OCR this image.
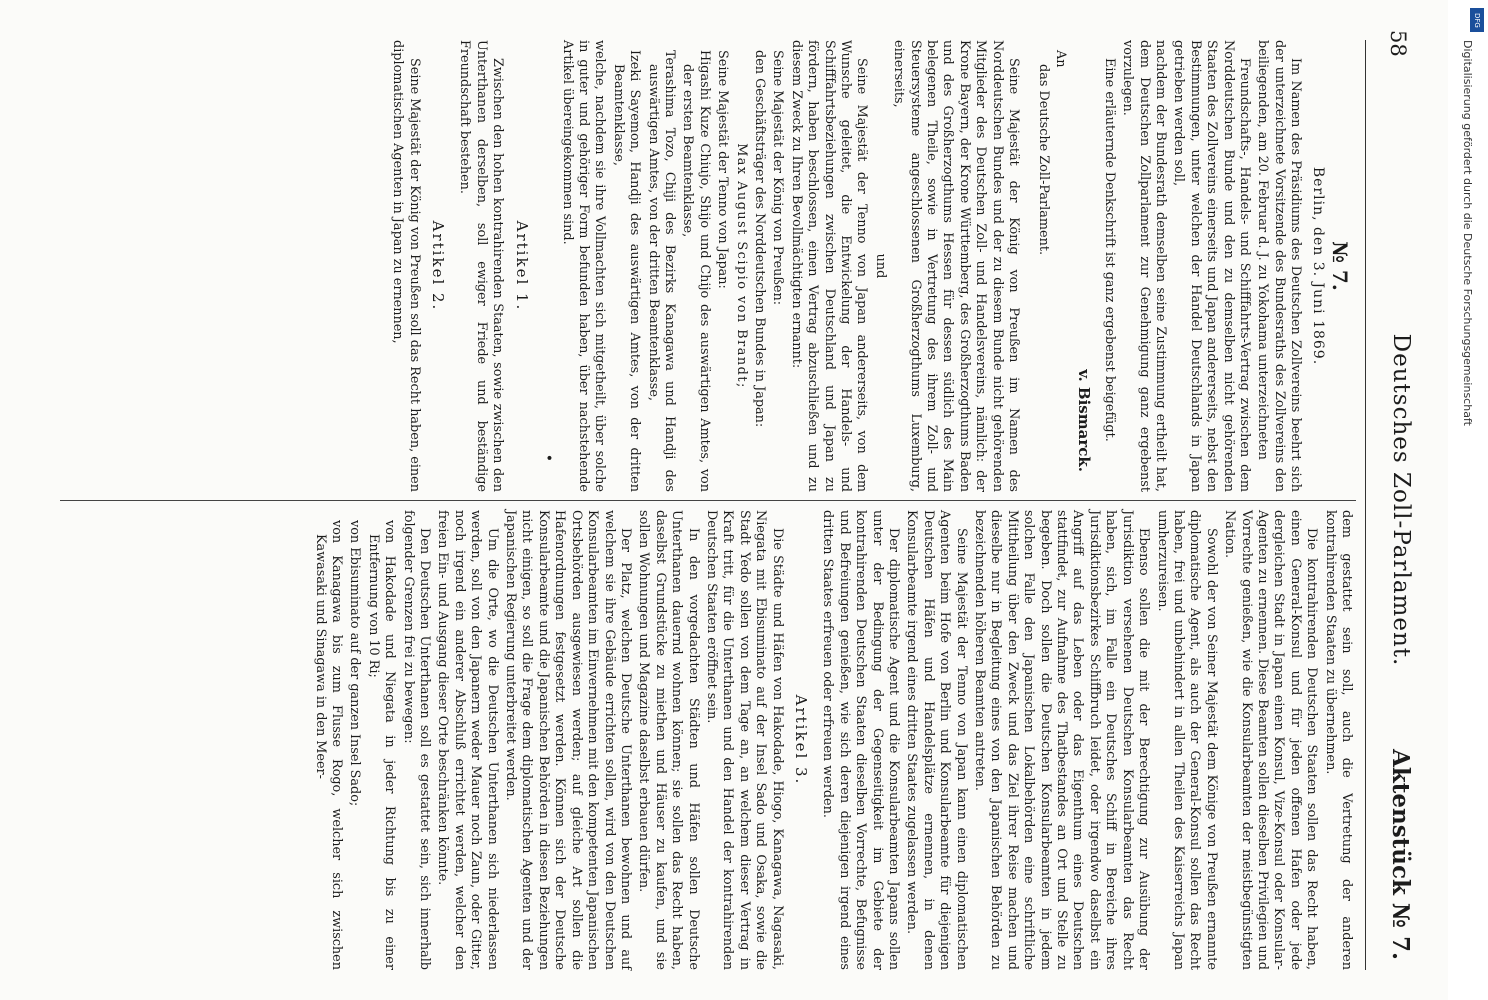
58
Deutsches Zoll-Parlament.
Aktenstück № 7.
№ 7.
Berlin, den 3. Juni 1869.

Im Namen des Präsidiums des Deutschen Zollvereins beehrt sich der unterzeichnete Vorsitzende des Bundesraths des Zollvereins den beiliegenden, am 20. Februar d. J. zu Yokohama unterzeichneten

Freundschafts-, Handels- und Schifffahrts-Vertrag zwischen dem Norddeutschen Bunde und den zu demselben nicht gehörenden Staaten des Zollvereins einerseits und Japan andererseits, nebst den Bestimmungen, unter welchen der Handel Deutschlands in Japan getrieben werden soll,

nachdem der Bundesrath demselben seine Zustimmung ertheilt hat, dem Deutschen Zollparlament zur Genehmigung ganz ergebenst vorzulegen.

Eine erläuternde Denkschrift ist ganz ergebenst beigefügt.

v. Bismarck.
An
das Deutsche Zoll-Parlament.

Seine Majestät der König von Preußen im Namen des Norddeutschen Bundes und der zu diesem Bunde nicht gehörenden Mitglieder des Deutschen Zoll- und Handelsvereins, nämlich: der Krone Bayern, der Krone Württemberg, des Großherzogthums Baden und des Großherzogthums Hessen für dessen südlich des Main belegenen Theile, sowie in Vertretung des ihrem Zoll- und Steuersysteme angeschlossenen Großherzogthums Luxemburg, einerseits,

und

Seine Majestät der Tenno von Japan andererseits, von dem Wunsche geleitet, die Entwickelung der Handels- und Schifffahrtsbeziehungen zwischen Deutschland und Japan zu fördern, haben beschlossen, einen Vertrag abzuschließen und zu diesem Zweck zu Ihren Bevollmächtigten ernannt:

Seine Majestät der König von Preußen:

den Geschäftsträger des Norddeutschen Bundes in Japan:

Max August Scipio von Brandt;

Seine Majestät der Tenno von Japan:

Higashi Kuze Chiujo, Shijo und Chijo des auswärtigen Amtes, von der ersten Beamtenklasse,

Terashima Tozo, Chiji des Bezirks Kanagawa und Handji des auswärtigen Amtes, von der dritten Beamtenklasse,

Izeki Sayemon, Handji des auswärtigen Amtes, von der dritten Beamtenklasse,

welche, nachdem sie ihre Vollmachten sich mitgetheilt, über solche in guter und gehöriger Form befunden haben, über nachstehende Artikel übereingekommen sind.

•
Artikel 1.

Zwischen den hohen kontrahirenden Staaten, sowie zwischen den Unterthanen derselben, soll ewiger Friede und beständige Freundschaft bestehen.

Artikel 2.

Seine Majestät der König von Preußen soll das Recht haben, einen diplomatischen Agenten in Japan zu ernennen,

dem gestattet sein soll, auch die Vertretung der anderen kontrahirenden Staaten zu übernehmen.

Die kontrahirenden Deutschen Staaten sollen das Recht haben, einen General-Konsul und für jeden offenen Hafen oder jede dergleichen Stadt in Japan einen Konsul, Vize-Konsul oder Konsular-Agenten zu ernennen. Diese Beamten sollen dieselben Privilegien und Vorrechte genießen, wie die Konsularbeamten der meistbegünstigten Nation.

Sowohl der von Seiner Majestät dem Könige von Preußen ernannte diplomatische Agent, als auch der General-Konsul sollen das Recht haben, frei und unbehindert in allen Theilen des Kaiserreichs Japan umherzureisen.

Ebenso sollen die mit der Berechtigung zur Ausübung der Jurisdiktion versehenen Deutschen Konsularbeamten das Recht haben, sich, im Falle ein Deutsches Schiff in Bereiche ihres Jurisdiktionsbezirkes Schiffbruch leidet, oder irgendwo daselbst ein Angriff auf das Leben oder das Eigenthum eines Deutschen stattfindet, zur Aufnahme des Thatbestandes an Ort und Stelle zu begeben. Doch sollen die Deutschen Konsularbeamten in jedem solchen Falle den Japanischen Lokalbehörden eine schriftliche Mittheilung über den Zweck und das Ziel ihrer Reise machen und dieselbe nur in Begleitung eines von den Japanischen Behörden zu bezeichnenden höheren Beamten antreten.

Seine Majestät der Tenno von Japan kann einen diplomatischen Agenten beim Hofe von Berlin und Konsularbeamte für diejenigen Deutschen Häfen und Handelsplätze ernennen, in denen Konsularbeamte irgend eines dritten Staates zugelassen werden.

Der diplomatische Agent und die Konsularbeamten Japans sollen unter der Bedingung der Gegenseitigkeit im Gebiete der kontrahirenden Deutschen Staaten dieselben Vorrechte, Befugnisse und Befreiungen genießen, wie sich deren diejenigen irgend eines dritten Staates erfreuen oder erfreuen werden.

Artikel 3.

Die Städte und Häfen von Hakodade, Hiogo, Kanagawa, Nagasaki, Niegata mit Ebisuminato auf der Insel Sado und Osaka, sowie die Stadt Yedo sollen von dem Tage an, an welchem dieser Vertrag in Kraft tritt, für die Unterthanen und den Handel der kontrahirenden Deutschen Staaten eröffnet sein.

In den vorgedachten Städten und Häfen sollen Deutsche Unterthanen dauernd wohnen können; sie sollen das Recht haben, daselbst Grundstücke zu miethen und Häuser zu kaufen, und sie sollen Wohnungen und Magazine daselbst erbauen dürfen.

Der Platz, welchen Deutsche Unterthanen bewohnen und auf welchem sie ihre Gebäude errichten sollen, wird von den Deutschen Konsularbeamten im Einvernehmen mit den kompetenten Japanischen Ortsbehörden ausgewiesen werden; auf gleiche Art sollen die Hafenordnungen festgesetzt werden. Können sich der Deutsche Konsularbeamte und die Japanischen Behörden in diesen Beziehungen nicht einigen, so soll die Frage dem diplomatischen Agenten und der Japanischen Regierung unterbreitet werden.

Um die Orte, wo die Deutschen Unterthanen sich niederlassen werden, soll von den Japanern weder Mauer noch Zaun, oder Gitter, noch irgend ein anderer Abschluß errichtet werden, welcher den freien Ein- und Ausgang dieser Orte beschränken könnte.

Den Deutschen Unterthanen soll es gestattet sein, sich innerhalb folgender Grenzen frei zu bewegen:

von Hakodade und Niegata in jeder Richtung bis zu einer Entfernung von 10 Ri;

von Ebisuminato auf der ganzen Insel Sado;

von Kanagawa bis zum Flusse Rogo, welcher sich zwischen Kawasaki und Sinagawa in den Meer-

DFG
Digitalisierung gefördert durch die Deutsche Forschungsgemeinschaft
